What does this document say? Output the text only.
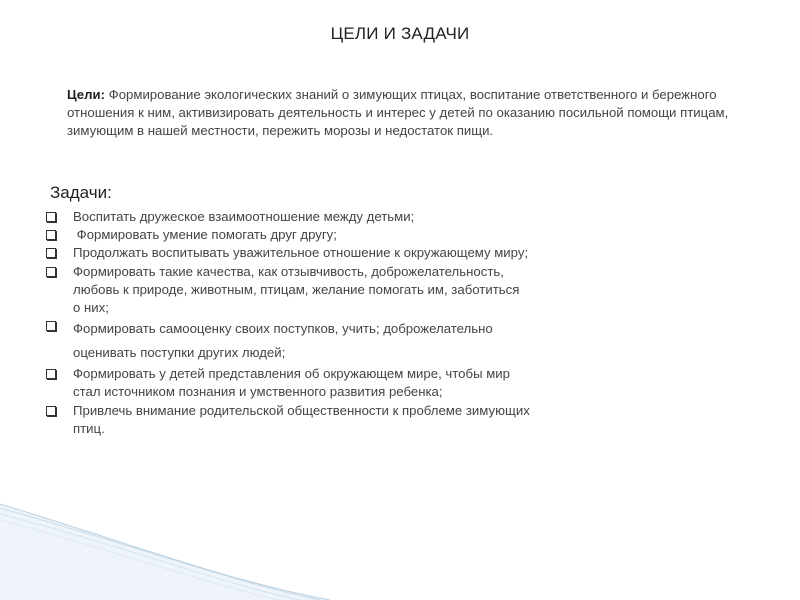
ЦЕЛИ И ЗАДАЧИ
Цели: Формирование экологических знаний о зимующих птицах, воспитание ответственного и бережного отношения к ним, активизировать деятельность и интерес у детей по оказанию посильной помощи птицам, зимующим в нашей местности, пережить морозы и недостаток пищи.
Задачи:
Воспитать дружеское взаимоотношение между детьми;
Формировать умение помогать друг другу;
Продолжать воспитывать уважительное отношение к окружающему миру;
Формировать такие качества, как отзывчивость, доброжелательность,
любовь к природе, животным, птицам, желание помогать им, заботиться
о них;
Формировать самооценку своих поступков, учить; доброжелательно
оценивать поступки других людей;
Формировать у детей представления об окружающем мире, чтобы мир
стал источником познания и умственного развития ребенка;
Привлечь внимание родительской общественности к проблеме зимующих
птиц.
